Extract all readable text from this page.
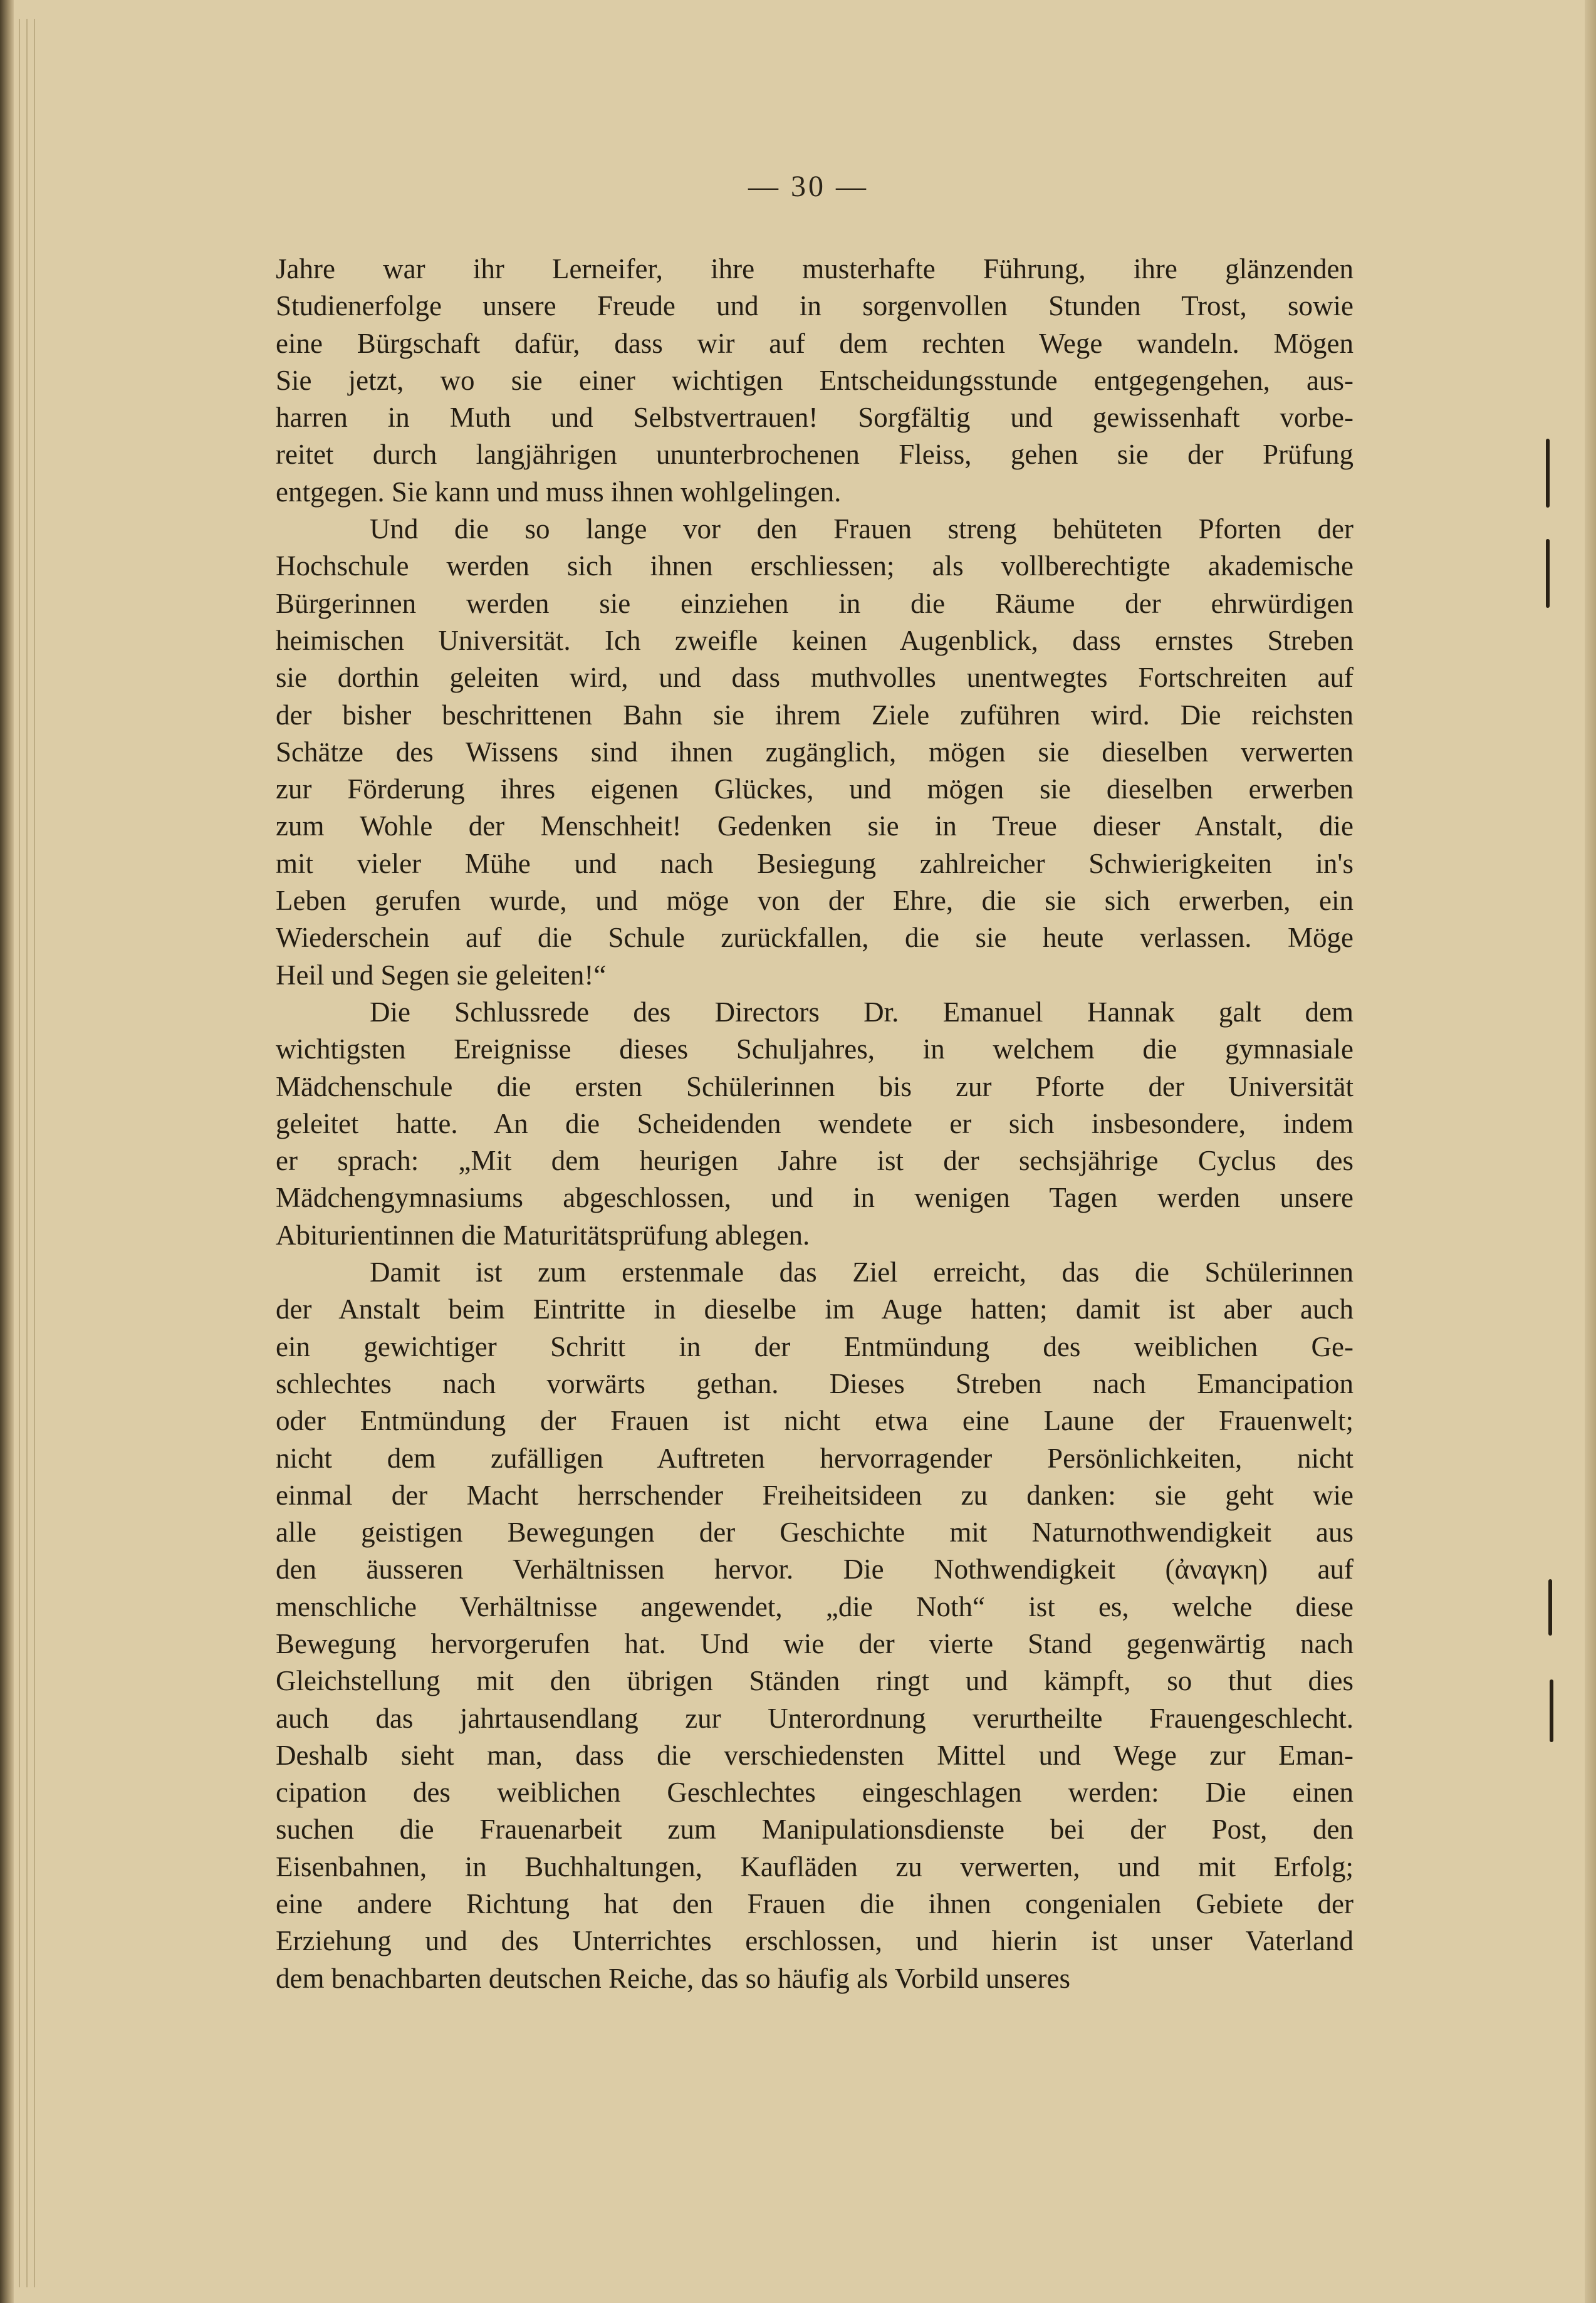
— 30 —
Jahre war ihr Lerneifer, ihre musterhafte Führung, ihre glänzenden
Studienerfolge unsere Freude und in sorgenvollen Stunden Trost, sowie
eine Bürgschaft dafür, dass wir auf dem rechten Wege wandeln. Mögen
Sie jetzt, wo sie einer wichtigen Entscheidungsstunde entgegengehen, aus-
harren in Muth und Selbstvertrauen! Sorgfältig und gewissenhaft vorbe-
reitet durch langjährigen ununterbrochenen Fleiss, gehen sie der Prüfung
entgegen. Sie kann und muss ihnen wohlgelingen.
Und die so lange vor den Frauen streng behüteten Pforten der
Hochschule werden sich ihnen erschliessen; als vollberechtigte akademische
Bürgerinnen werden sie einziehen in die Räume der ehrwürdigen
heimischen Universität. Ich zweifle keinen Augenblick, dass ernstes Streben
sie dorthin geleiten wird, und dass muthvolles unentwegtes Fortschreiten auf
der bisher beschrittenen Bahn sie ihrem Ziele zuführen wird. Die reichsten
Schätze des Wissens sind ihnen zugänglich, mögen sie dieselben verwerten
zur Förderung ihres eigenen Glückes, und mögen sie dieselben erwerben
zum Wohle der Menschheit! Gedenken sie in Treue dieser Anstalt, die
mit vieler Mühe und nach Besiegung zahlreicher Schwierigkeiten in's
Leben gerufen wurde, und möge von der Ehre, die sie sich erwerben, ein
Wiederschein auf die Schule zurückfallen, die sie heute verlassen. Möge
Heil und Segen sie geleiten!“
Die Schlussrede des Directors Dr. Emanuel Hannak galt dem
wichtigsten Ereignisse dieses Schuljahres, in welchem die gymnasiale
Mädchenschule die ersten Schülerinnen bis zur Pforte der Universität
geleitet hatte. An die Scheidenden wendete er sich insbesondere, indem
er sprach: „Mit dem heurigen Jahre ist der sechsjährige Cyclus des
Mädchengymnasiums abgeschlossen, und in wenigen Tagen werden unsere
Abiturientinnen die Maturitätsprüfung ablegen.
Damit ist zum erstenmale das Ziel erreicht, das die Schülerinnen
der Anstalt beim Eintritte in dieselbe im Auge hatten; damit ist aber auch
ein gewichtiger Schritt in der Entmündung des weiblichen Ge-
schlechtes nach vorwärts gethan. Dieses Streben nach Emancipation
oder Entmündung der Frauen ist nicht etwa eine Laune der Frauenwelt;
nicht dem zufälligen Auftreten hervorragender Persönlichkeiten, nicht
einmal der Macht herrschender Freiheitsideen zu danken: sie geht wie
alle geistigen Bewegungen der Geschichte mit Naturnothwendigkeit aus
den äusseren Verhältnissen hervor. Die Nothwendigkeit (ἀναγκη) auf
menschliche Verhältnisse angewendet, „die Noth“ ist es, welche diese
Bewegung hervorgerufen hat. Und wie der vierte Stand gegenwärtig nach
Gleichstellung mit den übrigen Ständen ringt und kämpft, so thut dies
auch das jahrtausendlang zur Unterordnung verurtheilte Frauengeschlecht.
Deshalb sieht man, dass die verschiedensten Mittel und Wege zur Eman-
cipation des weiblichen Geschlechtes eingeschlagen werden: Die einen
suchen die Frauenarbeit zum Manipulationsdienste bei der Post, den
Eisenbahnen, in Buchhaltungen, Kaufläden zu verwerten, und mit Erfolg;
eine andere Richtung hat den Frauen die ihnen congenialen Gebiete der
Erziehung und des Unterrichtes erschlossen, und hierin ist unser Vaterland
dem benachbarten deutschen Reiche, das so häufig als Vorbild unseres
